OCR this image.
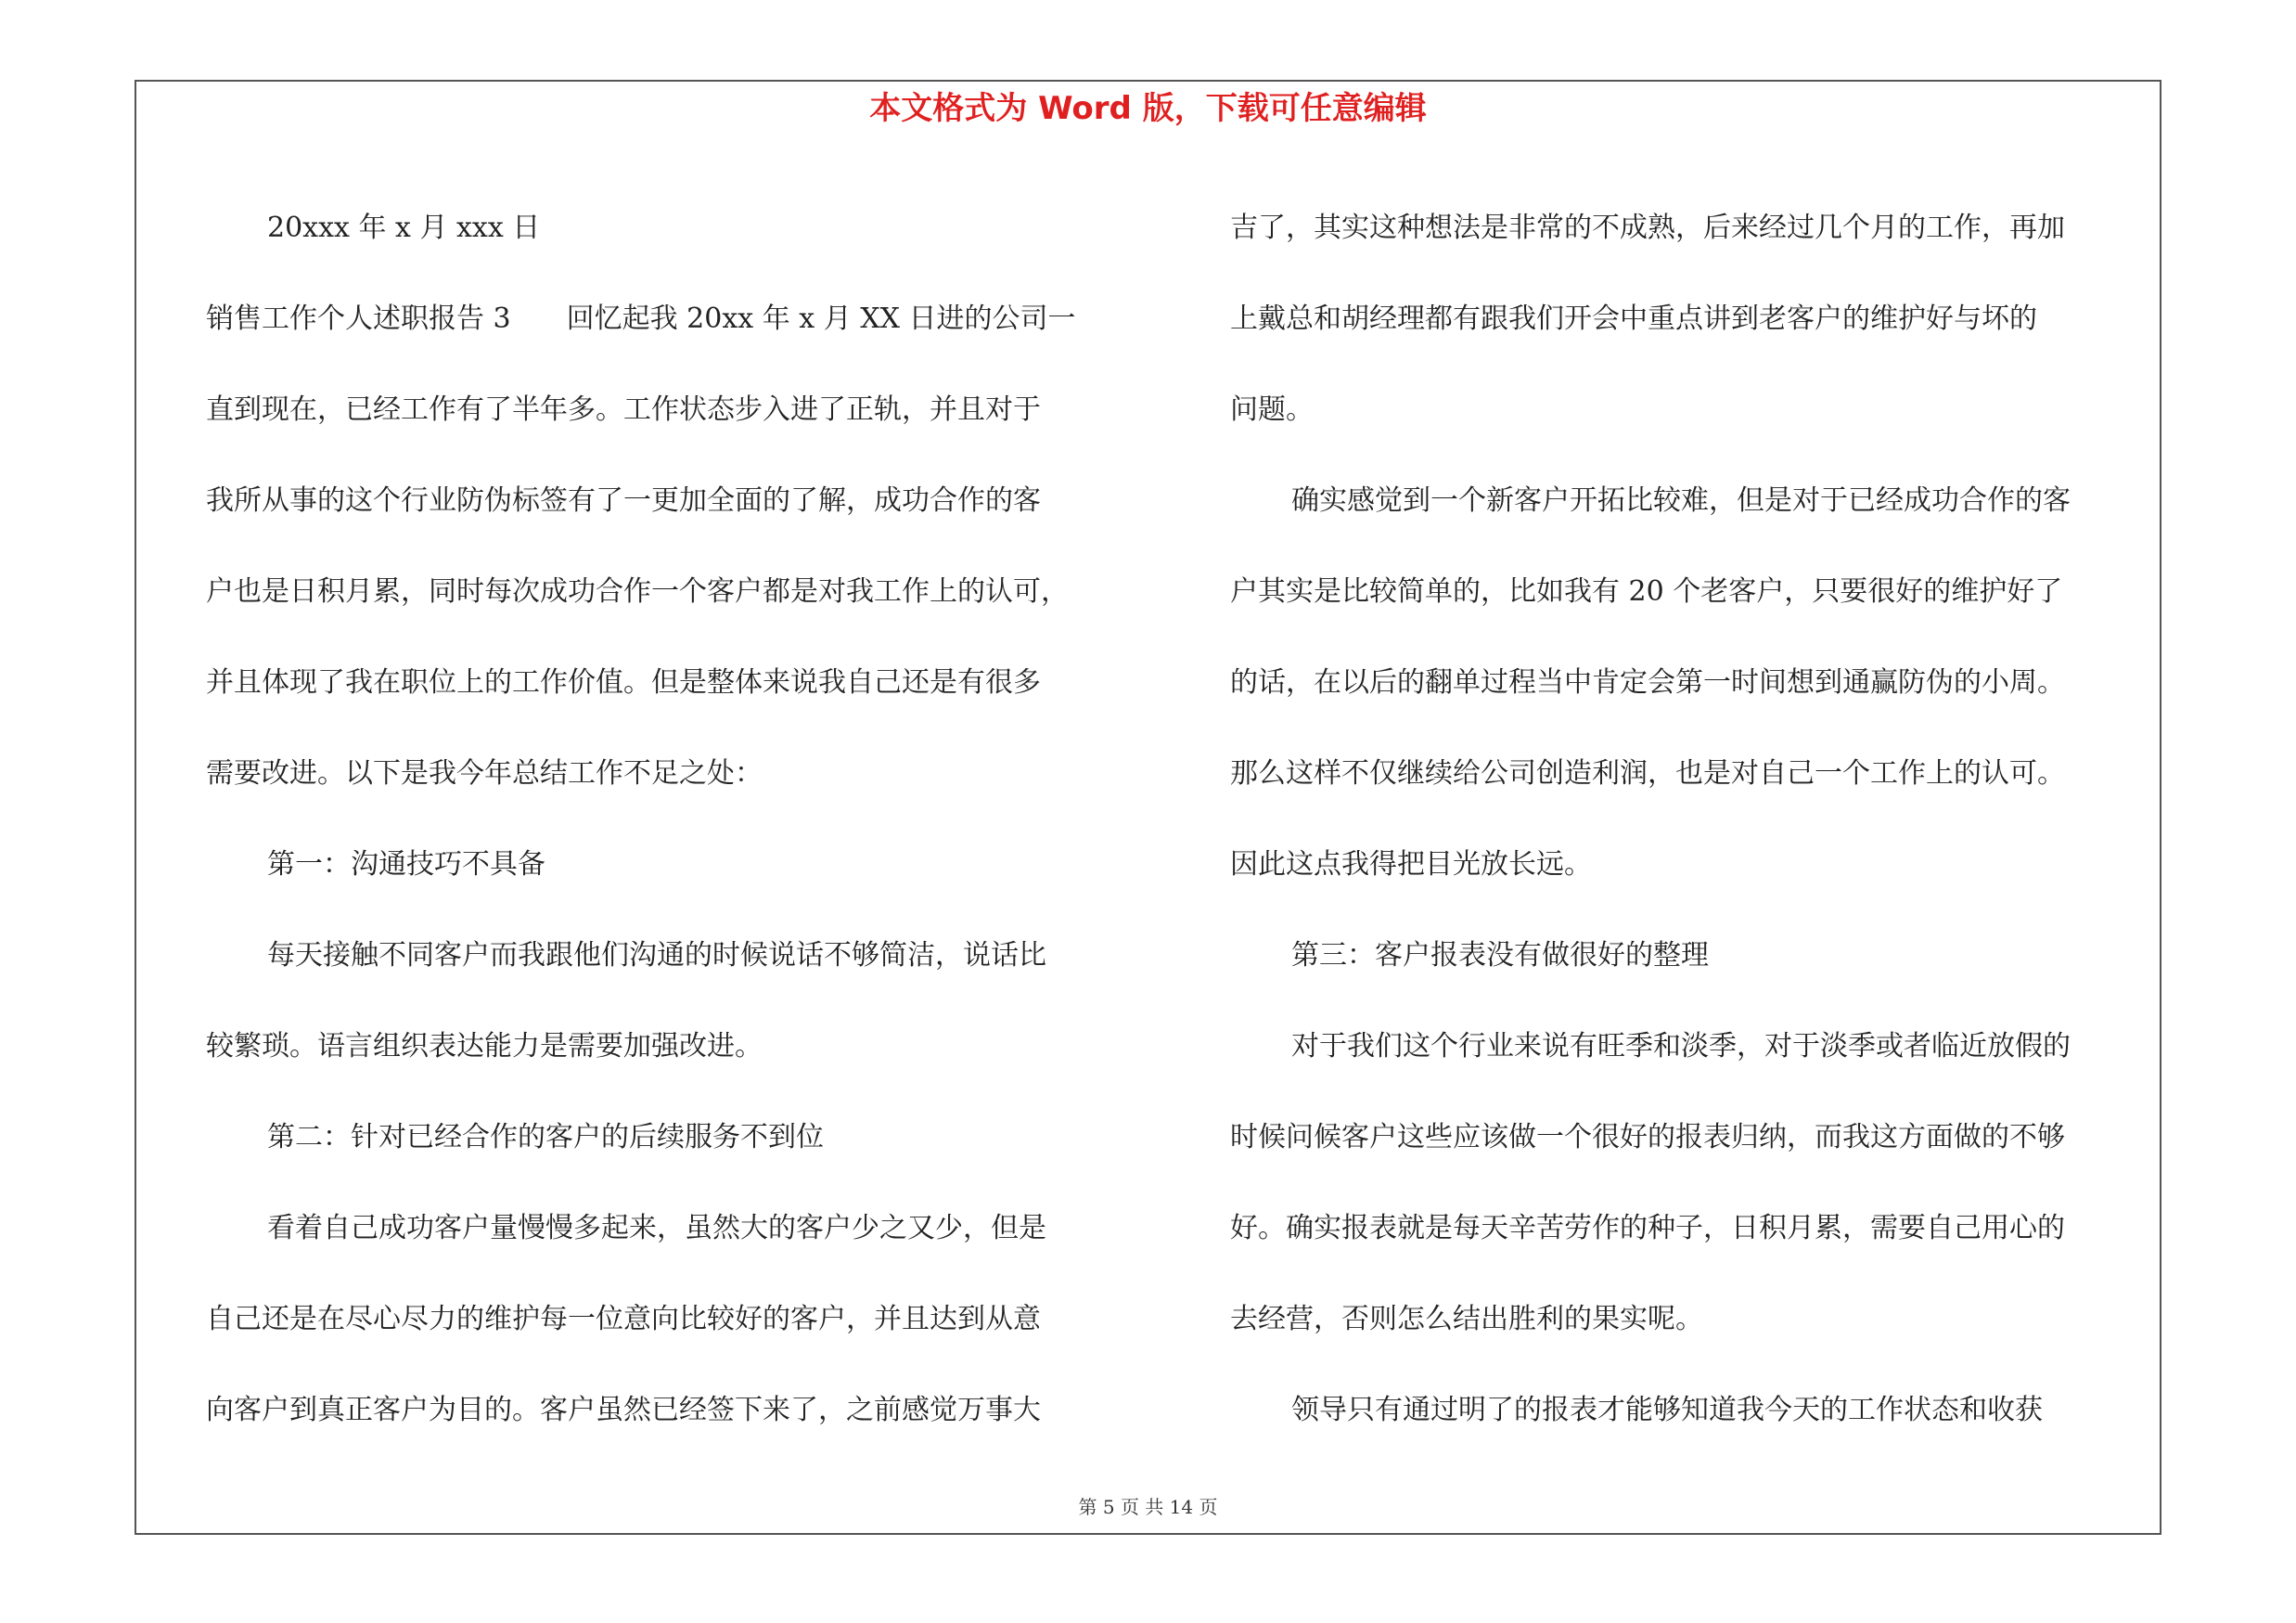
本文格式为 Word 版，下载可任意编辑

20xxx 年 x 月 xxx 日

销售工作个人述职报告 3　　回忆起我 20xx 年 x 月 XX 日进的公司一

直到现在，已经工作有了半年多。工作状态步入进了正轨，并且对于

我所从事的这个行业防伪标签有了一更加全面的了解，成功合作的客

户也是日积月累，同时每次成功合作一个客户都是对我工作上的认可，

并且体现了我在职位上的工作价值。但是整体来说我自己还是有很多

需要改进。以下是我今年总结工作不足之处：

第一：沟通技巧不具备

每天接触不同客户而我跟他们沟通的时候说话不够简洁，说话比

较繁琐。语言组织表达能力是需要加强改进。

第二：针对已经合作的客户的后续服务不到位

看着自己成功客户量慢慢多起来，虽然大的客户少之又少，但是

自己还是在尽心尽力的维护每一位意向比较好的客户，并且达到从意

向客户到真正客户为目的。客户虽然已经签下来了，之前感觉万事大

吉了，其实这种想法是非常的不成熟，后来经过几个月的工作，再加

上戴总和胡经理都有跟我们开会中重点讲到老客户的维护好与坏的

问题。

确实感觉到一个新客户开拓比较难，但是对于已经成功合作的客

户其实是比较简单的，比如我有 20 个老客户，只要很好的维护好了

的话，在以后的翻单过程当中肯定会第一时间想到通赢防伪的小周。

那么这样不仅继续给公司创造利润，也是对自己一个工作上的认可。

因此这点我得把目光放长远。

第三：客户报表没有做很好的整理

对于我们这个行业来说有旺季和淡季，对于淡季或者临近放假的

时候问候客户这些应该做一个很好的报表归纳，而我这方面做的不够

好。确实报表就是每天辛苦劳作的种子，日积月累，需要自己用心的

去经营，否则怎么结出胜利的果实呢。

领导只有通过明了的报表才能够知道我今天的工作状态和收获

第 5 页 共 14 页
